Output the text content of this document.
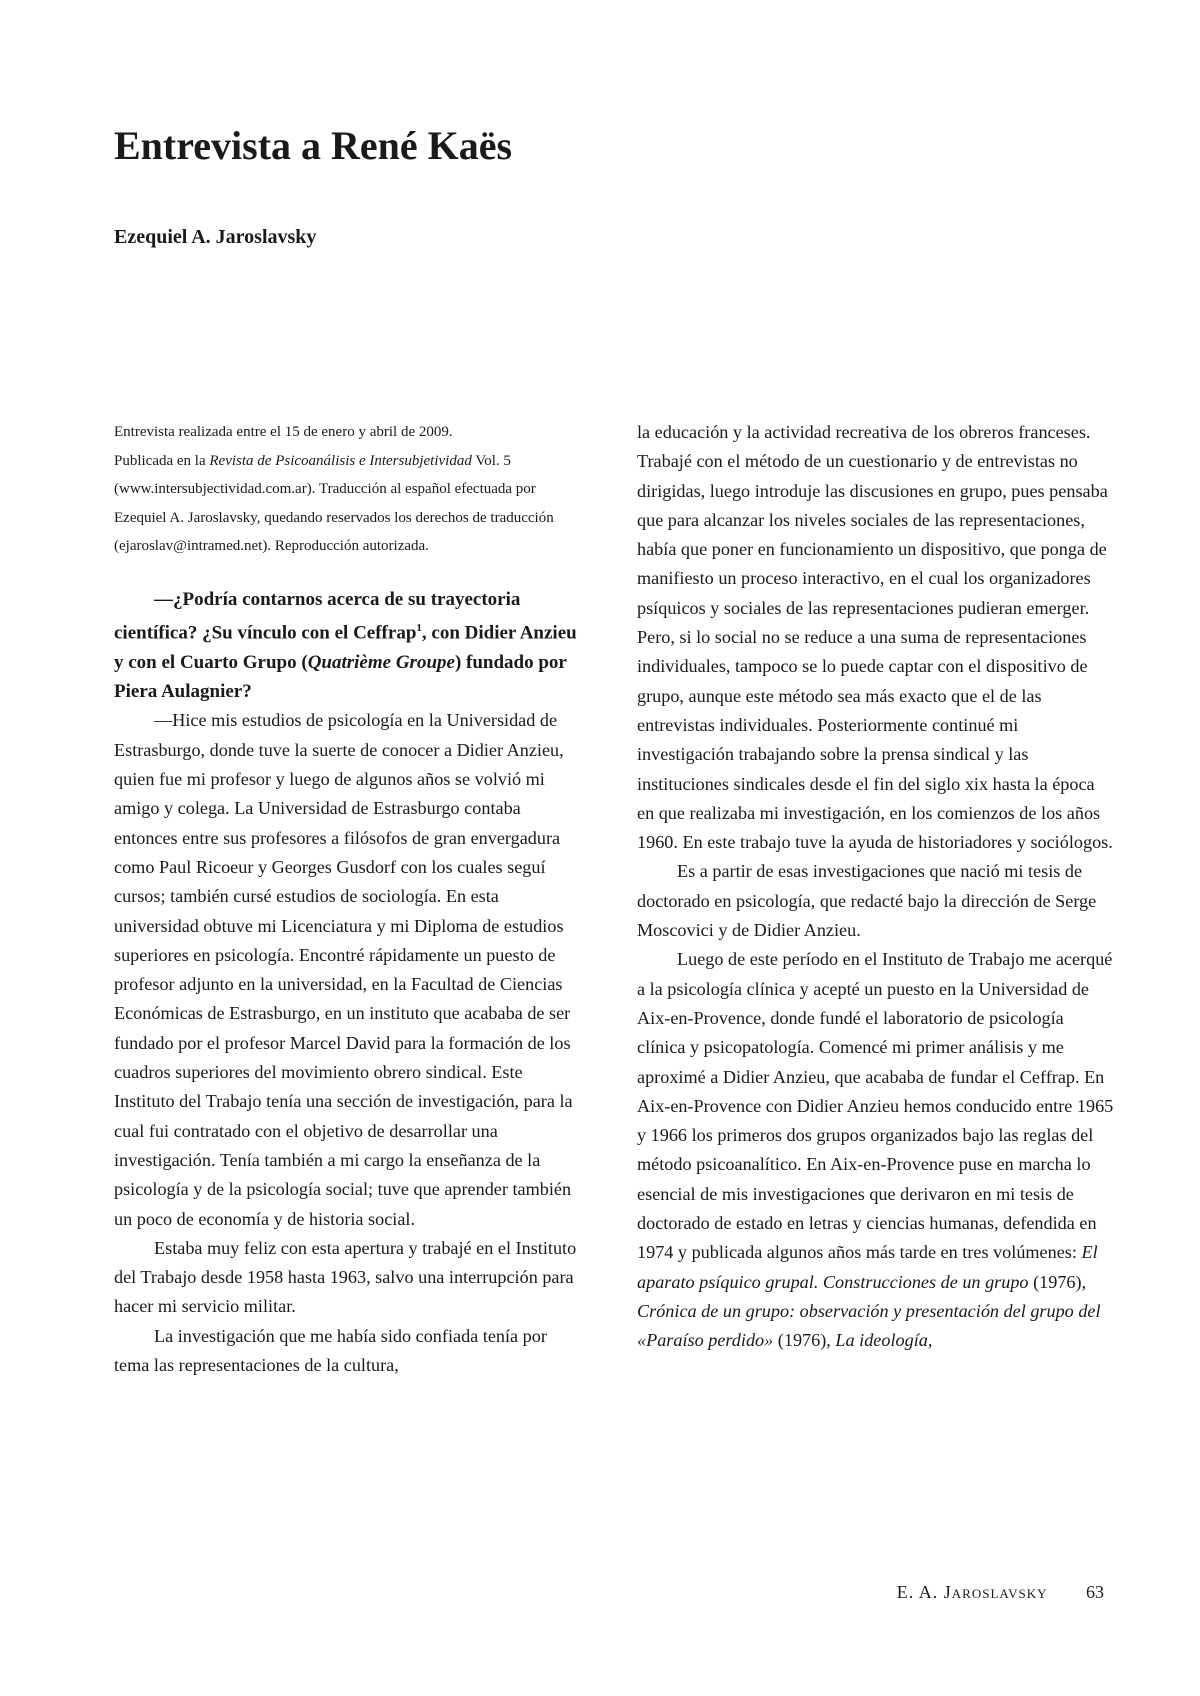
Entrevista a René Kaës
Ezequiel A. Jaroslavsky

Entrevista realizada entre el 15 de enero y abril de 2009.
Publicada en la Revista de Psicoanálisis e Intersubjetividad Vol. 5 (www.intersubjectividad.com.ar). Traducción al español efectuada por Ezequiel A. Jaroslavsky, quedando reservados los derechos de traducción (ejaroslav@intramed.net). Reproducción autorizada.

—¿Podría contarnos acerca de su trayectoria científica? ¿Su vínculo con el Ceffrap$^1$, con Didier Anzieu y con el Cuarto Grupo (Quatrième Groupe) fundado por Piera Aulagnier?

—Hice mis estudios de psicología en la Universidad de Estrasburgo, donde tuve la suerte de conocer a Didier Anzieu, quien fue mi profesor y luego de algunos años se volvió mi amigo y colega. La Universidad de Estrasburgo contaba entonces entre sus profesores a filósofos de gran envergadura como Paul Ricoeur y Georges Gusdorf con los cuales seguí cursos; también cursé estudios de sociología. En esta universidad obtuve mi Licenciatura y mi Diploma de estudios superiores en psicología. Encontré rápidamente un puesto de profesor adjunto en la universidad, en la Facultad de Ciencias Económicas de Estrasburgo, en un instituto que acababa de ser fundado por el profesor Marcel David para la formación de los cuadros superiores del movimiento obrero sindical. Este Instituto del Trabajo tenía una sección de investigación, para la cual fui contratado con el objetivo de desarrollar una investigación. Tenía también a mi cargo la enseñanza de la psicología y de la psicología social; tuve que aprender también un poco de economía y de historia social.

Estaba muy feliz con esta apertura y trabajé en el Instituto del Trabajo desde 1958 hasta 1963, salvo una interrupción para hacer mi servicio militar.

La investigación que me había sido confiada tenía por tema las representaciones de la cultura,

la educación y la actividad recreativa de los obreros franceses. Trabajé con el método de un cuestionario y de entrevistas no dirigidas, luego introduje las discusiones en grupo, pues pensaba que para alcanzar los niveles sociales de las representaciones, había que poner en funcionamiento un dispositivo, que ponga de manifiesto un proceso interactivo, en el cual los organizadores psíquicos y sociales de las representaciones pudieran emerger. Pero, si lo social no se reduce a una suma de representaciones individuales, tampoco se lo puede captar con el dispositivo de grupo, aunque este método sea más exacto que el de las entrevistas individuales. Posteriormente continué mi investigación trabajando sobre la prensa sindical y las instituciones sindicales desde el fin del siglo xix hasta la época en que realizaba mi investigación, en los comienzos de los años 1960. En este trabajo tuve la ayuda de historiadores y sociólogos.

Es a partir de esas investigaciones que nació mi tesis de doctorado en psicología, que redacté bajo la dirección de Serge Moscovici y de Didier Anzieu.

Luego de este período en el Instituto de Trabajo me acerqué a la psicología clínica y acepté un puesto en la Universidad de Aix-en-Provence, donde fundé el laboratorio de psicología clínica y psicopatología. Comencé mi primer análisis y me aproximé a Didier Anzieu, que acababa de fundar el Ceffrap. En Aix-en-Provence con Didier Anzieu hemos conducido entre 1965 y 1966 los primeros dos grupos organizados bajo las reglas del método psicoanalítico. En Aix-en-Provence puse en marcha lo esencial de mis investigaciones que derivaron en mi tesis de doctorado de estado en letras y ciencias humanas, defendida en 1974 y publicada algunos años más tarde en tres volúmenes: El aparato psíquico grupal. Construcciones de un grupo (1976), Crónica de un grupo: observación y presentación del grupo del «Paraíso perdido» (1976), La ideología,

E. A. Jaroslavsky 63
